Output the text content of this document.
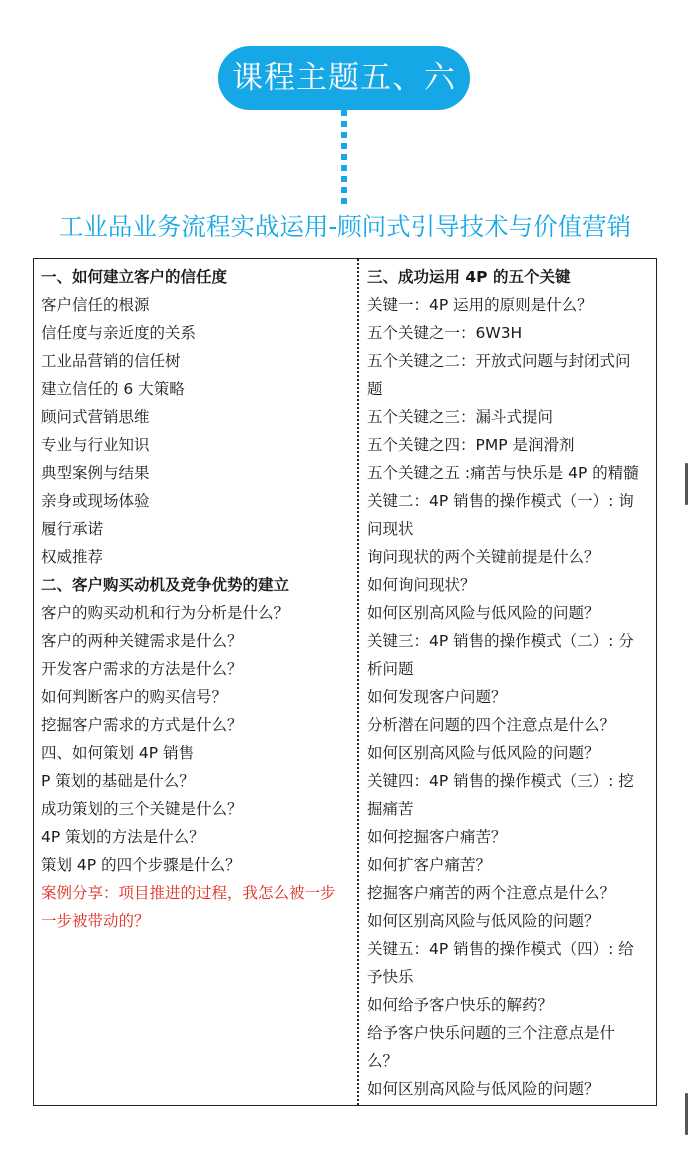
课程主题五、六
工业品业务流程实战运用-顾问式引导技术与价值营销
一、如何建立客户的信任度
客户信任的根源
信任度与亲近度的关系
工业品营销的信任树
建立信任的 6 大策略
顾问式营销思维
专业与行业知识
典型案例与结果
亲身或现场体验
履行承诺
权威推荐
二、客户购买动机及竞争优势的建立
客户的购买动机和行为分析是什么？
客户的两种关键需求是什么？
开发客户需求的方法是什么？
如何判断客户的购买信号？
挖掘客户需求的方式是什么？
四、如何策划 4P 销售
P 策划的基础是什么？
成功策划的三个关键是什么？
4P 策划的方法是什么？
策划 4P 的四个步骤是什么？
案例分享：项目推进的过程，我怎么被一步
一步被带动的？
三、成功运用 4P 的五个关键
关键一：4P 运用的原则是什么？
五个关键之一：6W3H
五个关键之二：开放式问题与封闭式问
题
五个关键之三：漏斗式提问
五个关键之四：PMP 是润滑剂
五个关键之五 :痛苦与快乐是 4P 的精髓
关键二：4P 销售的操作模式（一）: 询
问现状
询问现状的两个关键前提是什么？
如何询问现状？
如何区别高风险与低风险的问题？
关键三：4P 销售的操作模式（二）: 分
析问题
如何发现客户问题？
分析潜在问题的四个注意点是什么？
如何区别高风险与低风险的问题？
关键四：4P 销售的操作模式（三）: 挖
掘痛苦
如何挖掘客户痛苦？
如何扩客户痛苦？
挖掘客户痛苦的两个注意点是什么？
如何区别高风险与低风险的问题？
关键五：4P 销售的操作模式（四）: 给
予快乐
如何给予客户快乐的解药？
给予客户快乐问题的三个注意点是什
么？
如何区别高风险与低风险的问题？
